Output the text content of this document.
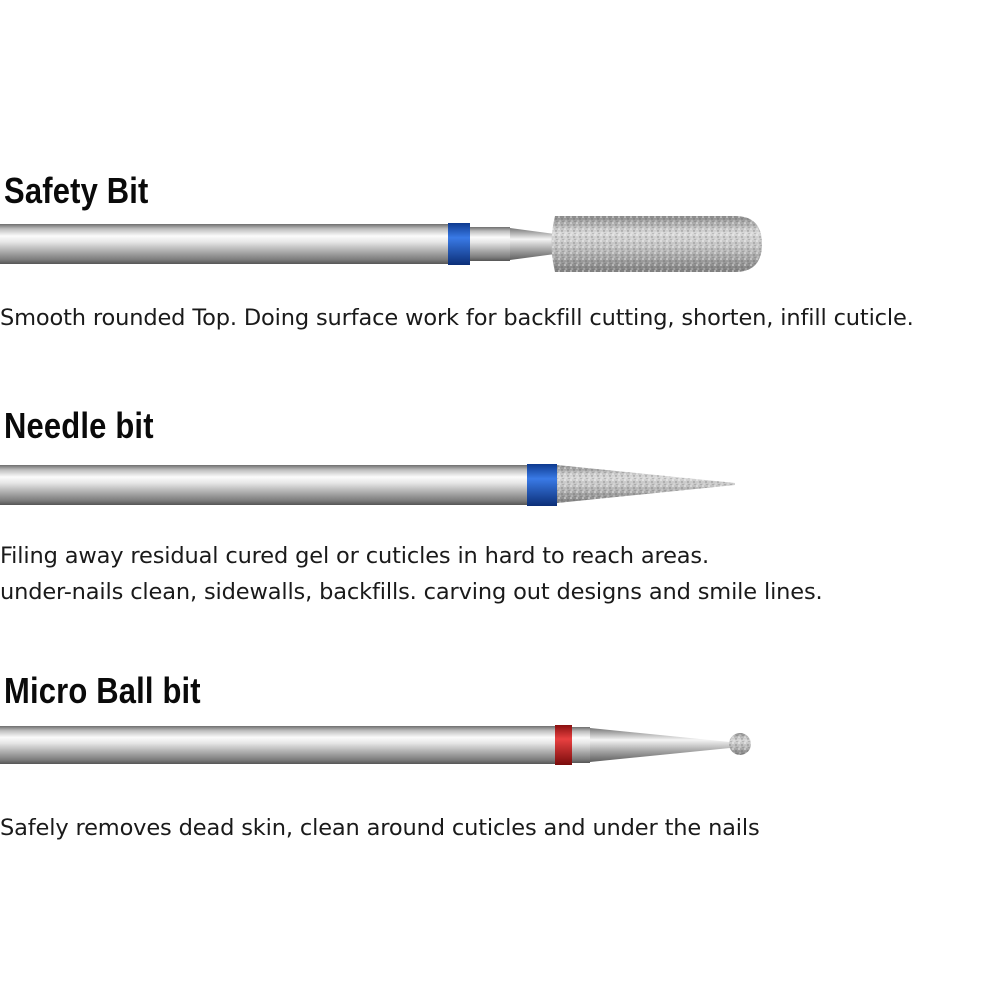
Safety Bit
Smooth rounded Top. Doing surface work for backfill cutting, shorten, infill cuticle.
Needle bit
Filing away residual cured gel or cuticles in hard to reach areas.
under-nails clean, sidewalls, backfills. carving out designs and smile lines.
Micro Ball bit
Safely removes dead skin, clean around cuticles and under the nails
